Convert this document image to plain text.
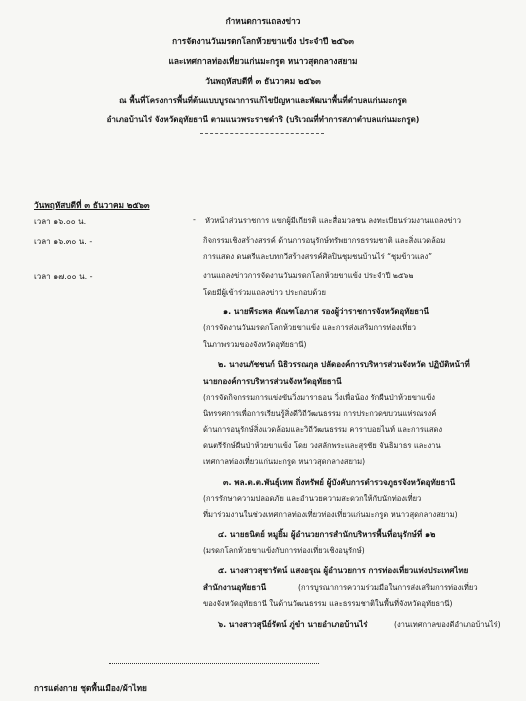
กำหนดการแถลงข่าว
การจัดงานวันมรดกโลกห้วยขาแข้ง ประจำปี ๒๕๖๓
และเทศกาลท่องเที่ยวแก่นมะกรูด หนาวสุดกลางสยาม
วันพฤหัสบดีที่ ๓ ธันวาคม ๒๕๖๓
ณ พื้นที่โครงการพื้นที่ต้นแบบบูรณาการแก้ไขปัญหาและพัฒนาพื้นที่ตำบลแก่นมะกรูด
อำเภอบ้านไร่ จังหวัดอุทัยธานี ตามแนวพระราชดำริ (บริเวณที่ทำการสภาตำบลแก่นมะกรูด)
วันพฤหัสบดีที่ ๓ ธันวาคม ๒๕๖๓
เวลา ๑๖.๐๐ น.	- หัวหน้าส่วนราชการ แขกผู้มีเกียรติ และสื่อมวลชน ลงทะเบียนร่วมงานแถลงข่าว
เวลา ๑๖.๓๐ น. -	กิจกรรมเชิงสร้างสรรค์ ด้านการอนุรักษ์ทรัพยากรธรรมชาติ และสิ่งแวดล้อม
การแสดง ดนตรีและบทกวีสร้างสรรค์ศิลปินชุมชนบ้านไร่ “ชุมข้าวแลง”
เวลา ๑๗.๐๐ น. -	งานแถลงข่าวการจัดงานวันมรดกโลกห้วยขาแข้ง ประจำปี ๒๕๖๒
โดยมีผู้เข้าร่วมแถลงข่าว ประกอบด้วย
๑. นายพีระพล คัณฑโอภาส รองผู้ว่าราชการจังหวัดอุทัยธานี
(การจัดงานวันมรดกโลกห้วยขาแข้ง และการส่งเสริมการท่องเที่ยว
ในภาพรวมของจังหวัดอุทัยธานี)
๒. นางนภัชชนก์ นิธิวรรณกุล ปลัดองค์การบริหารส่วนจังหวัด ปฏิบัติหน้าที่
นายกองค์การบริหารส่วนจังหวัดอุทัยธานี
(การจัดกิจกรรมการแข่งขันวิ่งมาราธอน วิ่งเพื่อน้อง รักผืนป่าห้วยขาแข้ง
นิทรรศการเพื่อการเรียนรู้สิ่งดีวิถีวัฒนธรรม การประกวดขบวนแห่รณรงค์
ด้านการอนุรักษ์สิ่งแวดล้อมและวิถีวัฒนธรรม คาราบอยไนท์ และการแสดง
ดนตรีรักษ์ผืนป่าห้วยขาแข้ง โดย วงสลักพระและสุรชัย จันธิมาธร และงาน
เทศกาลท่องเที่ยวแก่นมะกรูด หนาวสุดกลางสยาม)
๓. พล.ต.ต.พันธุ์เทพ ถิ่งทรัพย์ ผู้บังคับการตำรวจภูธรจังหวัดอุทัยธานี
(การรักษาความปลอดภัย และอำนวยความสะดวกให้กับนักท่องเที่ยว
ที่มาร่วมงานในช่วงเทศกาลท่องเที่ยวท่องเที่ยวแก่นมะกรูด หนาวสุดกลางสยาม)
๔. นายธนิตย์ หมูยิ้ม ผู้อำนวยการสำนักบริหารพื้นที่อนุรักษ์ที่ ๑๒
(มรดกโลกห้วยขาแข้งกับการท่องเที่ยวเชิงอนุรักษ์)
๕. นางสาวสุชารัตน์ แสงอรุณ ผู้อำนวยการ การท่องเที่ยวแห่งประเทศไทย
สำนักงานอุทัยธานี	(การบูรณาการความร่วมมือในการส่งเสริมการท่องเที่ยว
ของจังหวัดอุทัยธานี ในด้านวัฒนธรรม และธรรมชาติในพื้นที่จังหวัดอุทัยธานี)
๖. นางสาวสุนีย์รัตน์ ภู่ขำ นายอำเภอบ้านไร่	(งานเทศกาลของดีอำเภอบ้านไร่)
การแต่งกาย ชุดพื้นเมือง/ผ้าไทย
